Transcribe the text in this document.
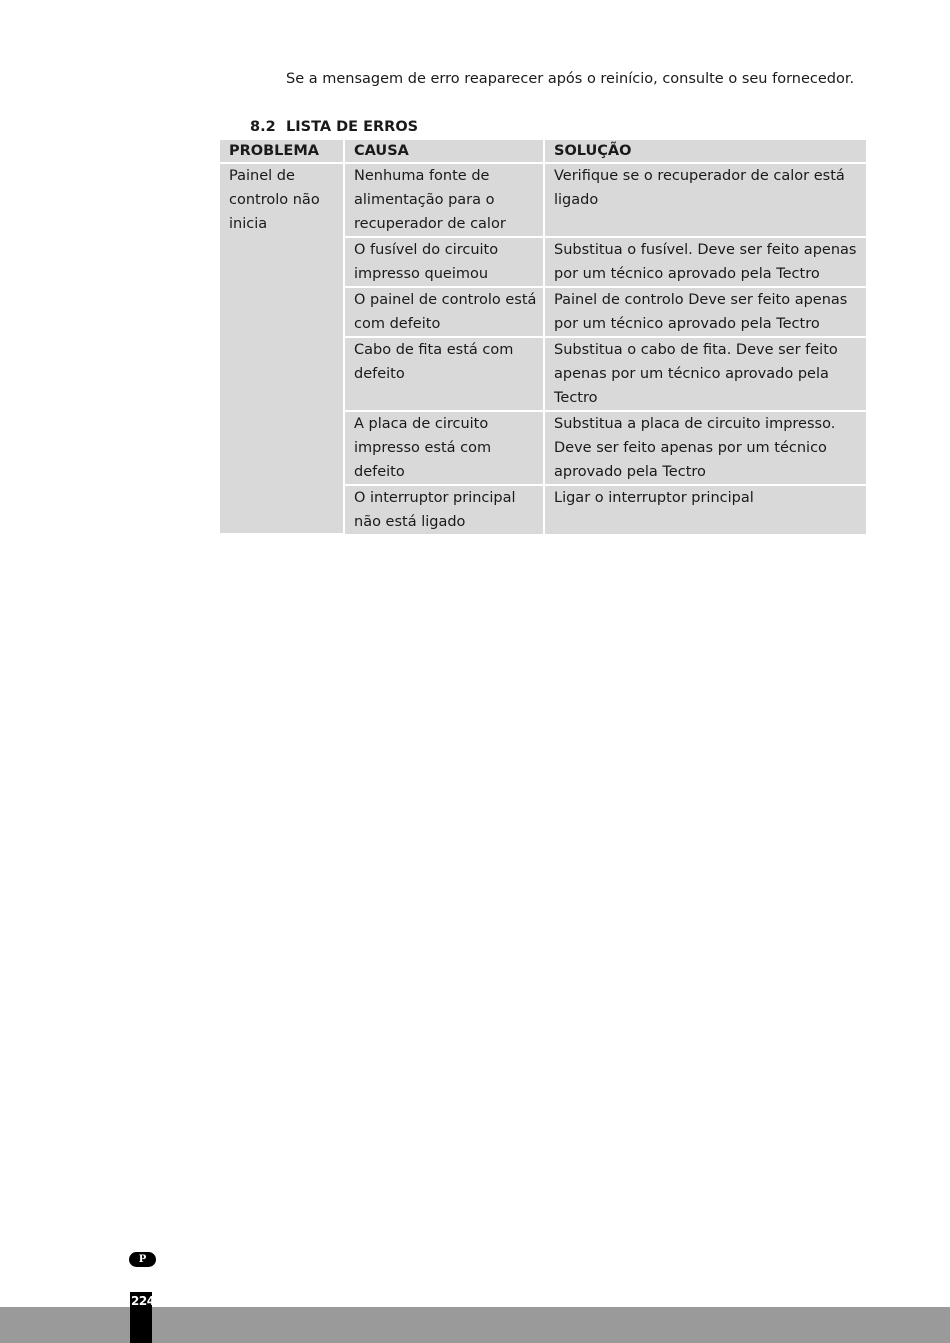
Se a mensagem de erro reaparecer após o reinício, consulte o seu fornecedor.

8.2 LISTA DE ERROS
PROBLEMA	CAUSA	SOLUÇÃO
Painel de controlo não inicia	Nenhuma fonte de alimentação para o recuperador de calor	Verifique se o recuperador de calor está ligado
	O fusível do circuito impresso queimou	Substitua o fusível. Deve ser feito apenas por um técnico aprovado pela Tectro
	O painel de controlo está com defeito	Painel de controlo Deve ser feito apenas por um técnico aprovado pela Tectro
	Cabo de fita está com defeito	Substitua o cabo de fita. Deve ser feito apenas por um técnico aprovado pela Tectro
	A placa de circuito impresso está com defeito	Substitua a placa de circuito impresso. Deve ser feito apenas por um técnico aprovado pela Tectro
	O interruptor principal não está ligado	Ligar o interruptor principal
P
224
